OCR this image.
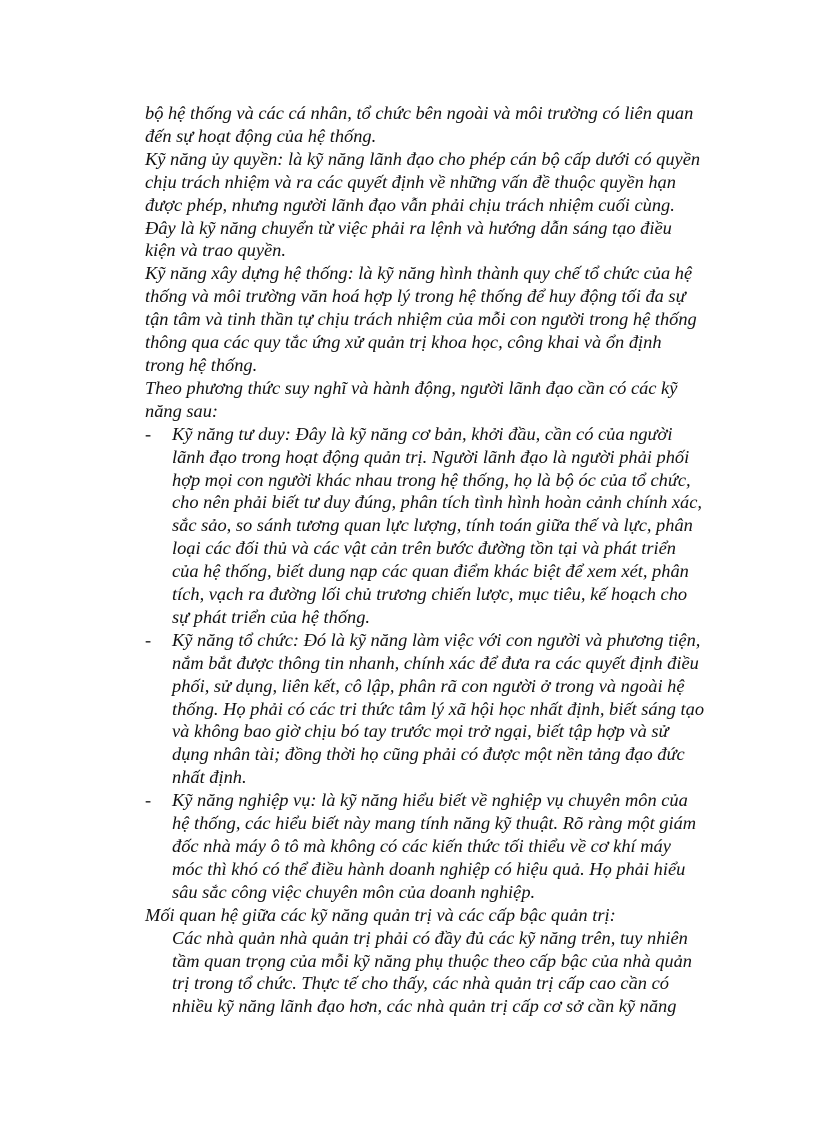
bộ hệ thống và các cá nhân, tổ chức bên ngoài và môi trường có liên quan đến sự hoạt động của hệ thống.

Kỹ năng ủy quyền: là kỹ năng lãnh đạo cho phép cán bộ cấp dưới có quyền chịu trách nhiệm và ra các quyết định về những vấn đề thuộc quyền hạn được phép, nhưng người lãnh đạo vẫn phải chịu trách nhiệm cuối cùng. Đây là kỹ năng chuyển từ việc phải ra lệnh và hướng dẫn sáng tạo điều kiện và trao quyền.

Kỹ năng xây dựng hệ thống: là kỹ năng hình thành quy chế tổ chức của hệ thống và môi trường văn hoá hợp lý trong hệ thống để huy động tối đa sự tận tâm và tinh thần tự chịu trách nhiệm của mỗi con người trong hệ thống thông qua các quy tắc ứng xử quản trị khoa học, công khai và ổn định trong hệ thống.

Theo phương thức suy nghĩ và hành động, người lãnh đạo cần có các kỹ năng sau:

- Kỹ năng tư duy: Đây là kỹ năng cơ bản, khởi đầu, cần có của người lãnh đạo trong hoạt động quản trị. Người lãnh đạo là người phải phối hợp mọi con người khác nhau trong hệ thống, họ là bộ óc của tổ chức, cho nên phải biết tư duy đúng, phân tích tình hình hoàn cảnh chính xác, sắc sảo, so sánh tương quan lực lượng, tính toán giữa thế và lực, phân loại các đối thủ và các vật cản trên bước đường tồn tại và phát triển của hệ thống, biết dung nạp các quan điểm khác biệt để xem xét, phân tích, vạch ra đường lối chủ trương chiến lược, mục tiêu, kế hoạch cho sự phát triển của hệ thống.
- Kỹ năng tổ chức: Đó là kỹ năng làm việc với con người và phương tiện, nắm bắt được thông tin nhanh, chính xác để đưa ra các quyết định điều phối, sử dụng, liên kết, cô lập, phân rã con người ở trong và ngoài hệ thống. Họ phải có các tri thức tâm lý xã hội học nhất định, biết sáng tạo và không bao giờ chịu bó tay trước mọi trở ngại, biết tập hợp và sử dụng nhân tài; đồng thời họ cũng phải có được một nền tảng đạo đức nhất định.
- Kỹ năng nghiệp vụ: là kỹ năng hiểu biết về nghiệp vụ chuyên môn của hệ thống, các hiểu biết này mang tính năng kỹ thuật. Rõ ràng một giám đốc nhà máy ô tô mà không có các kiến thức tối thiểu về cơ khí máy móc thì khó có thể điều hành doanh nghiệp có hiệu quả. Họ phải hiểu sâu sắc công việc chuyên môn của doanh nghiệp.

Mối quan hệ giữa các kỹ năng quản trị và các cấp bậc quản trị:

Các nhà quản nhà quản trị phải có đầy đủ các kỹ năng trên, tuy nhiên tầm quan trọng của mỗi kỹ năng phụ thuộc theo cấp bậc của nhà quản trị trong tổ chức. Thực tế cho thấy, các nhà quản trị cấp cao cần có nhiều kỹ năng lãnh đạo hơn, các nhà quản trị cấp cơ sở cần kỹ năng
